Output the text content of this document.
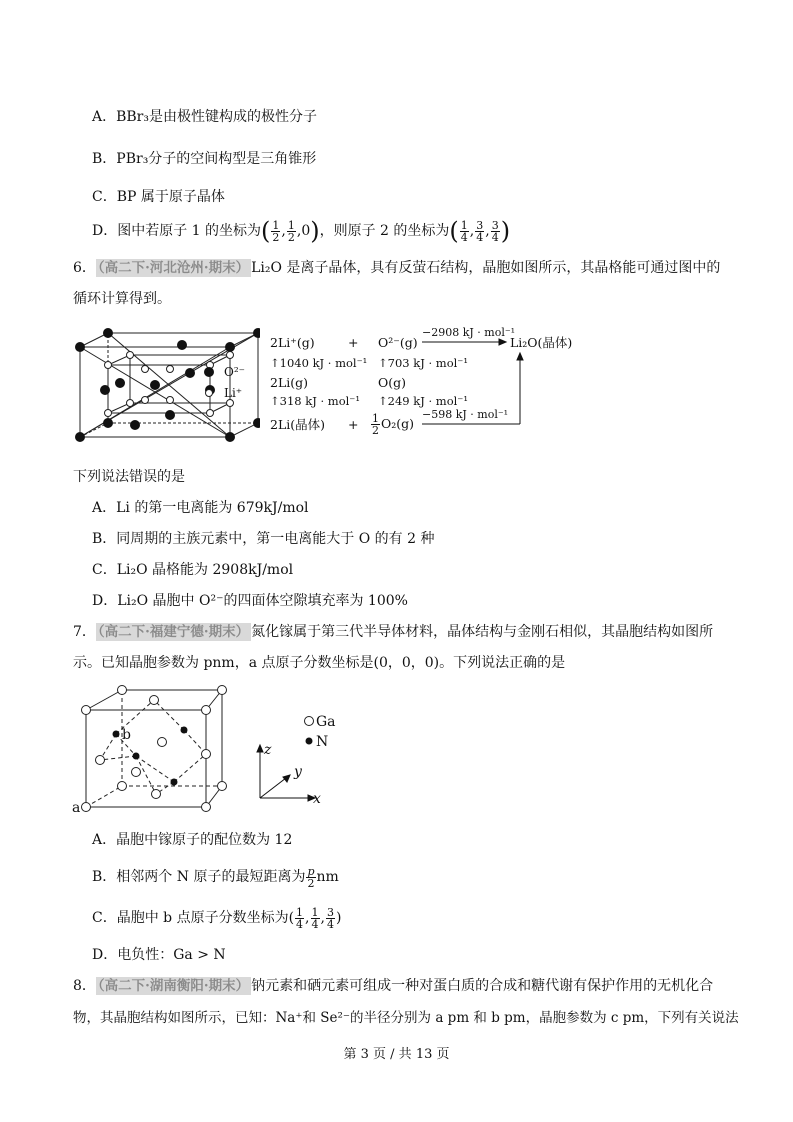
A．BBr₃是由极性键构成的极性分子
B．PBr₃分子的空间构型是三角锥形
C．BP 属于原子晶体
D．图中若原子 1 的坐标为( $\frac{1}{2}$ , $\frac{1}{2} ,0$)，则原子 2 的坐标为( $\frac{1}{4}$ , $\frac{3}{4}$ , $\frac{3}{4}$ )
6． （高二下·河北沧州·期末） Li₂O 是离子晶体，具有反萤石结构，晶胞如图所示，其晶格能可通过图中的
循环计算得到。
O²⁻
Li⁺
2Li⁺(g)	+ O²⁻(g)
−2908 kJ · mol⁻¹
Li₂O(晶体)
↑1040 kJ · mol⁻¹ ↑703 kJ · mol⁻¹
2Li(g)	O(g)
↑318 kJ · mol⁻¹ ↑249 kJ · mol⁻¹
2Li(晶体) + $\frac{1}{2} O_2(g)$
−598 kJ · mol⁻¹
下列说法错误的是
A．Li 的第一电离能为 679kJ/mol
B．同周期的主族元素中，第一电离能大于 O 的有 2 种
C．Li₂O 晶格能为 2908kJ/mol
D．Li₂O 晶胞中 O²⁻的四面体空隙填充率为 100%
7． （高二下·福建宁德·期末） 氮化镓属于第三代半导体材料，晶体结构与金刚石相似，其晶胞结构如图所
示。已知晶胞参数为 pnm，a 点原子分数坐标是(0，0，0)。下列说法正确的是
a
b
Ga
N
z
y
x
A．晶胞中镓原子的配位数为 12
B．相邻两个 N 原子的最短距离为 $\frac{p}{2}$ nm
C．晶胞中 b 点原子分数坐标为( $\frac{1}{4}$ , $\frac{1}{4}$ , $\frac{3}{4}$ )
D．电负性：Ga > N
8． （高二下·湖南衡阳·期末） 钠元素和硒元素可组成一种对蛋白质的合成和糖代谢有保护作用的无机化合
物，其晶胞结构如图所示，已知：Na⁺和 Se²⁻的半径分别为 a pm 和 b pm，晶胞参数为 c pm，下列有关说法
第 3 页 / 共 13 页
